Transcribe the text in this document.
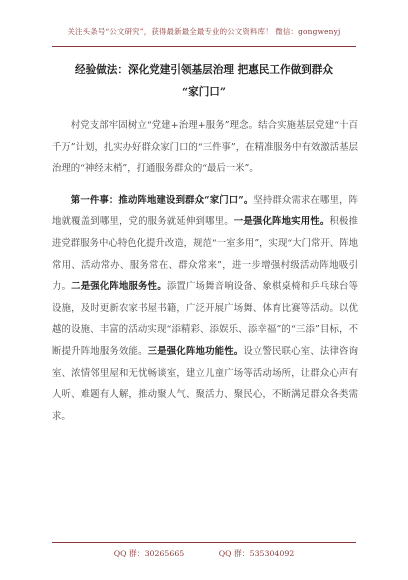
关注头条号“公文研究”，获得最新最全最专业的公文资料库！ 微信：gongwenyj
经验做法：深化党建引领基层治理 把惠民工作做到群众
“家门口”

村党支部牢固树立“党建+治理+服务”理念。结合实施基层党建“十百千万”计划，扎实办好群众家门口的“三件事”，在精准服务中有效激活基层治理的“神经末梢”，打通服务群众的“最后一米”。

第一件事：推动阵地建设到群众“家门口”。坚持群众需求在哪里，阵地就覆盖到哪里，党的服务就延伸到哪里。一是强化阵地实用性。积极推进党群服务中心特色化提升改造，规范“一室多用”，实现“大门常开、阵地常用、活动常办、服务常在、群众常来”，进一步增强村级活动阵地吸引力。二是强化阵地服务性。添置广场舞音响设备、象棋桌椅和乒乓球台等设施，及时更新农家书屋书籍，广泛开展广场舞、体育比赛等活动。以优越的设施、丰富的活动实现“添精彩、添娱乐、添幸福”的“三添”目标，不断提升阵地服务效能。三是强化阵地功能性。设立警民联心室、法律咨询室、浓情邻里屋和无忧畅谈室，建立儿童广场等活动场所，让群众心声有人听、难题有人解，推动聚人气、聚活力、聚民心，不断满足群众各类需求。

QQ 群：30265665	QQ 群：535304092
